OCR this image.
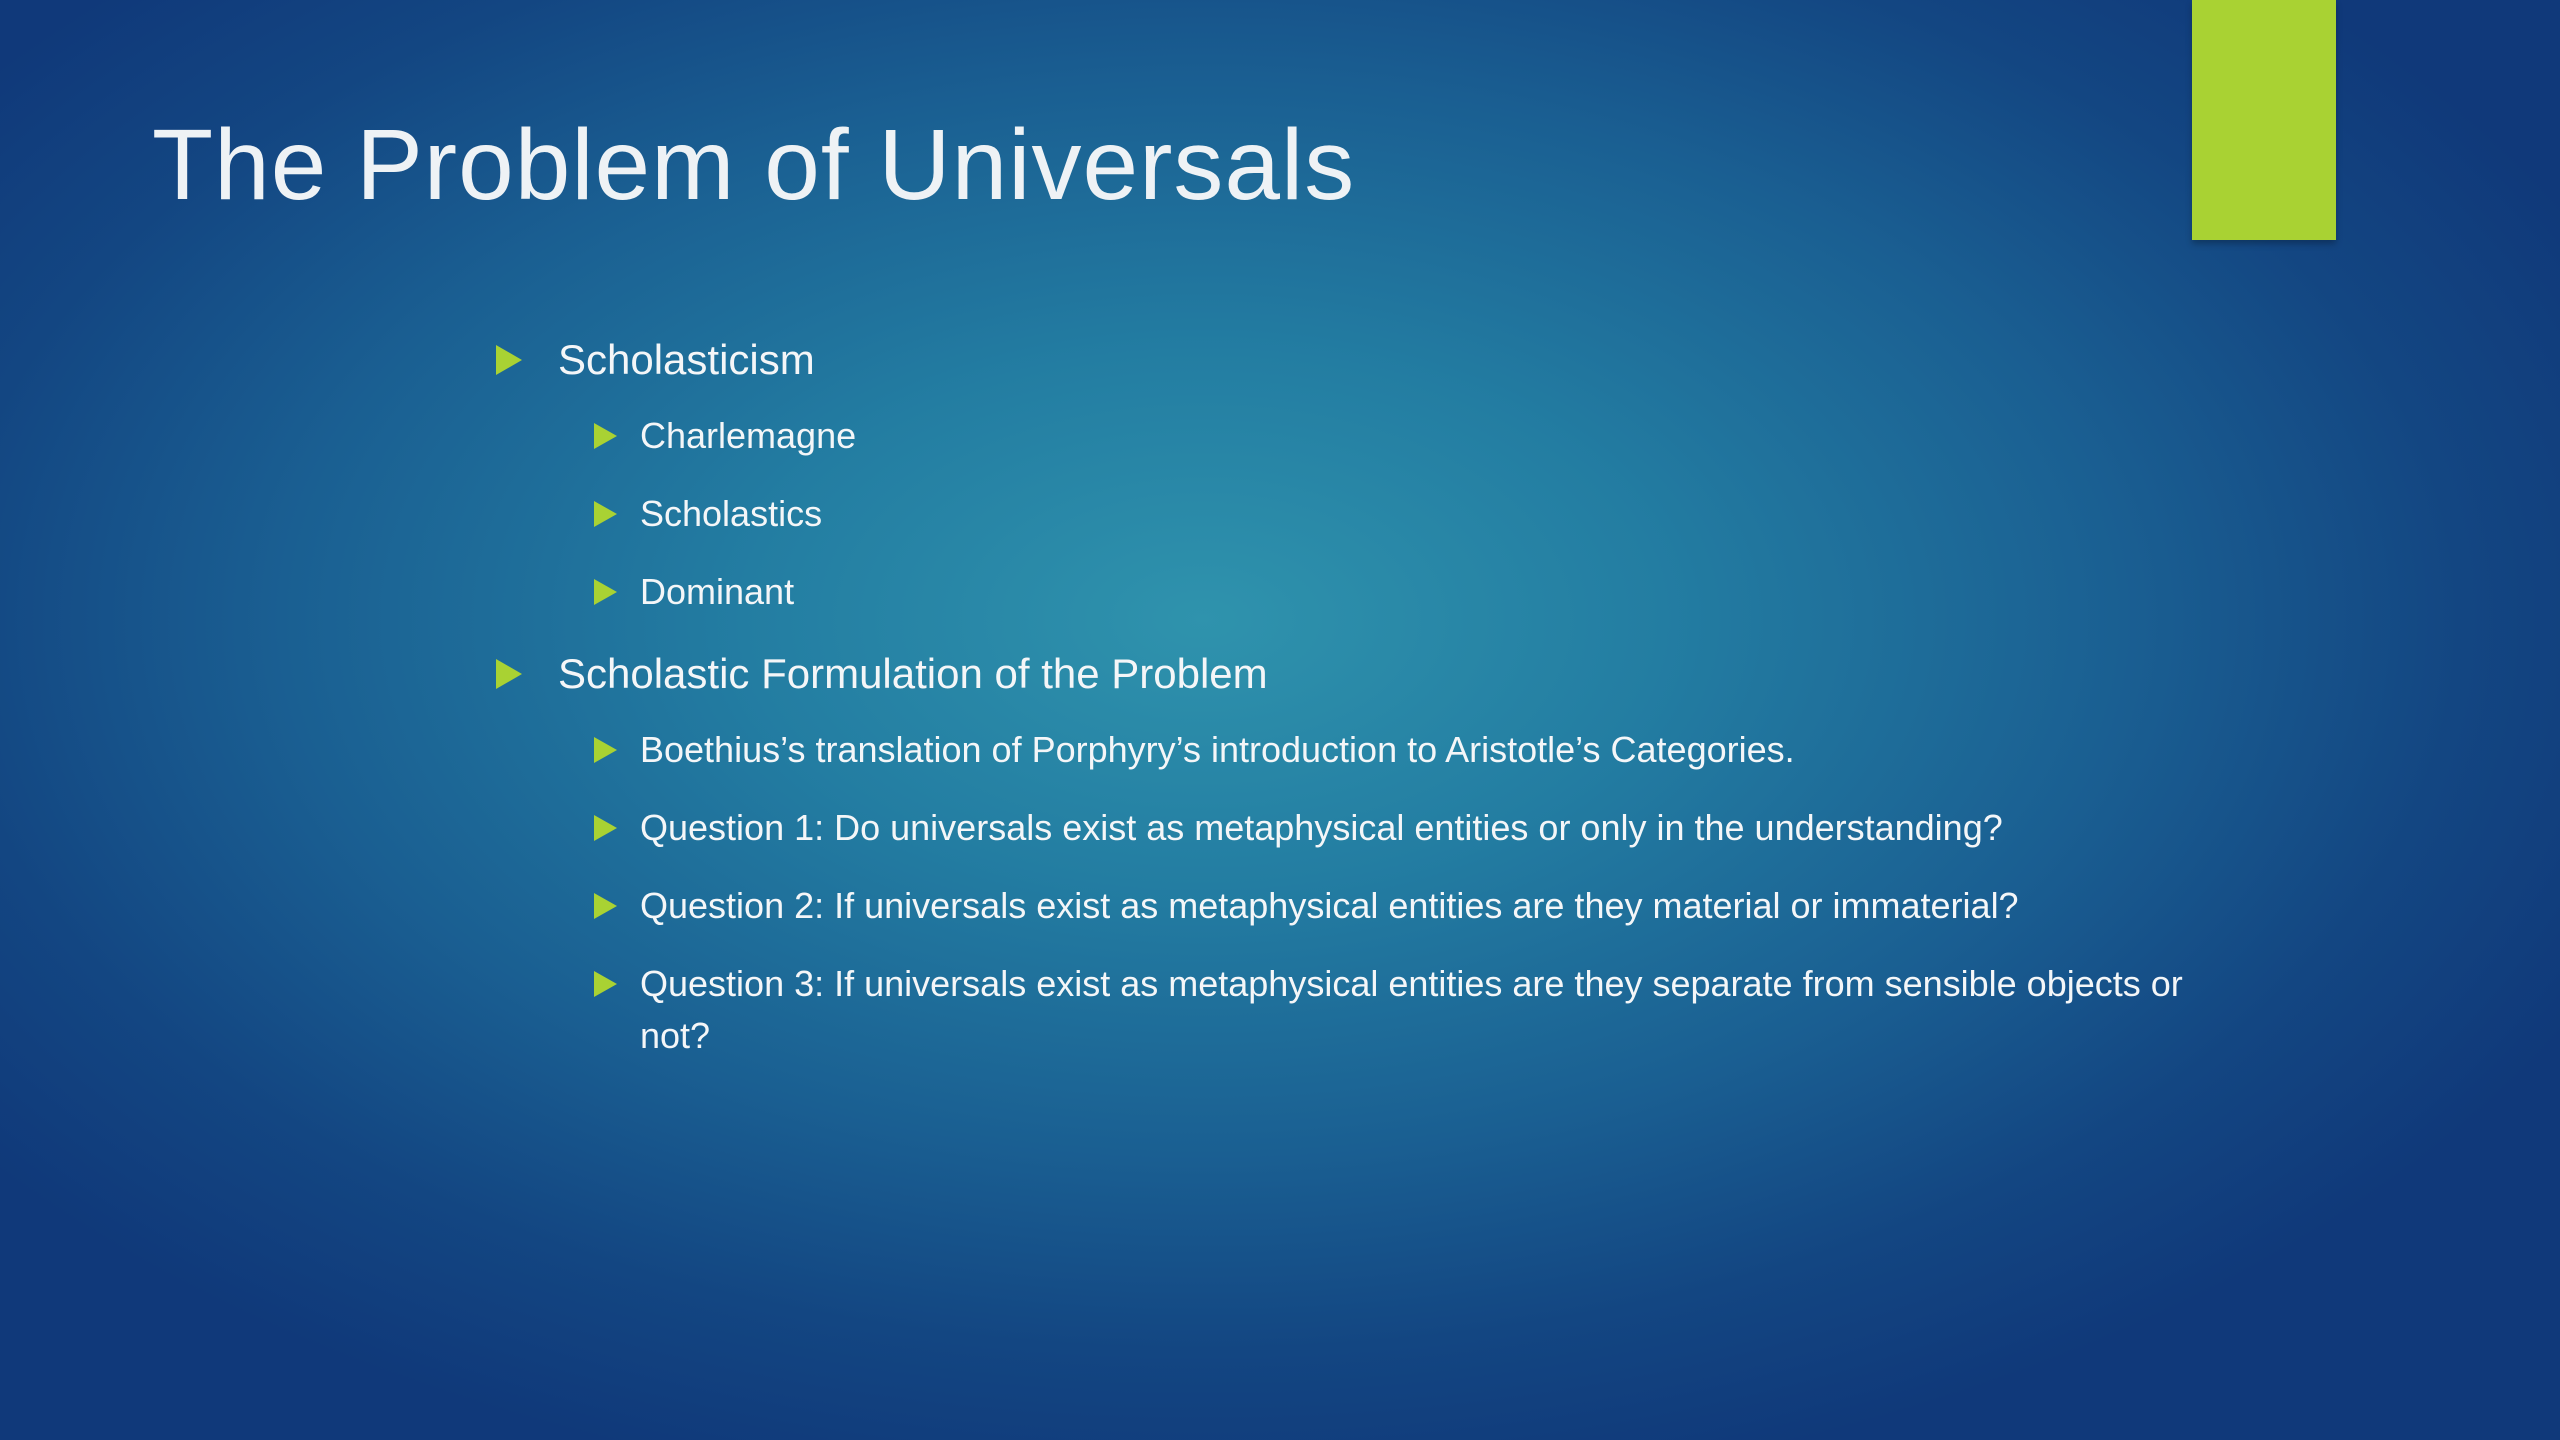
The Problem of Universals
Scholasticism
Charlemagne
Scholastics
Dominant
Scholastic Formulation of the Problem
Boethius’s translation of Porphyry’s introduction to Aristotle’s Categories.
Question 1: Do universals exist as metaphysical entities or only in the understanding?
Question 2: If universals exist as metaphysical entities are they material or immaterial?
Question 3: If universals exist as metaphysical entities are they separate from sensible objects or not?
